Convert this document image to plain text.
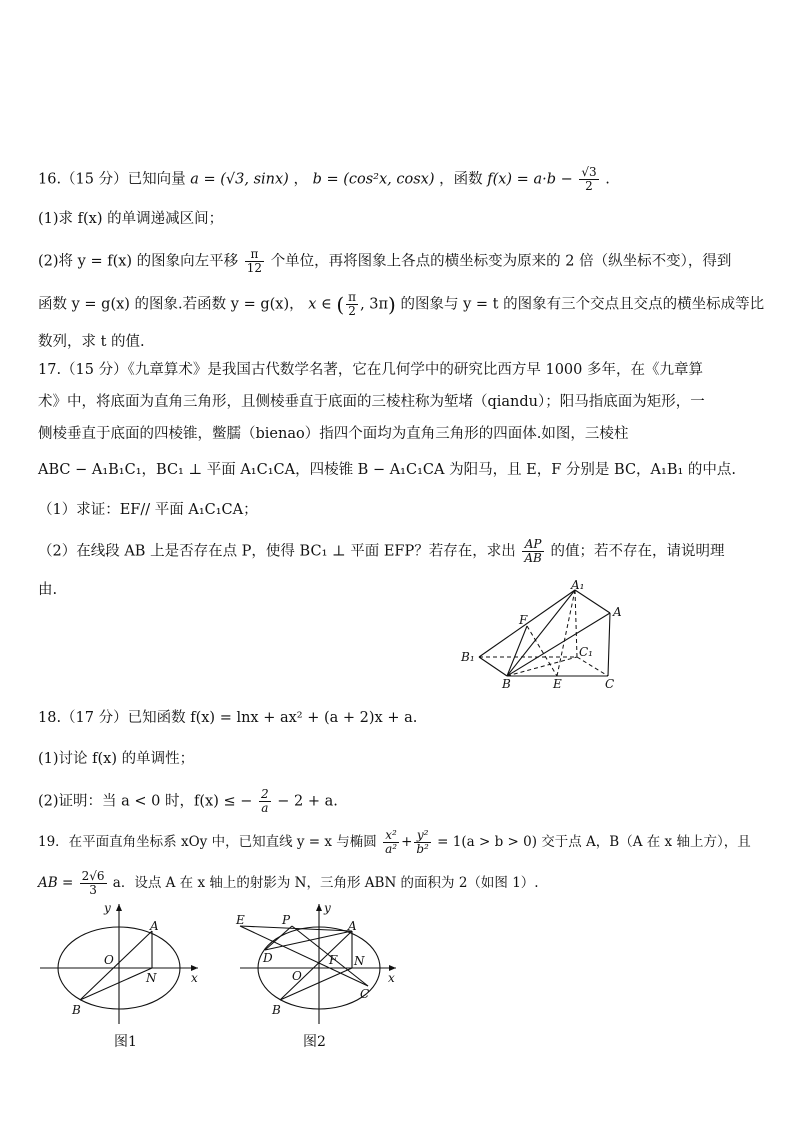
16.（15 分）已知向量 a = (√3, sinx) ， b = (cos²x, cosx) ，函数 $f(x) = a\cdot b - \frac{√3}{2}$ .
(1)求 f(x) 的单调递减区间；
(2)将 y = f(x) 的图象向左平移 $\frac{\pi}{12}$ 个单位，再将图象上各点的横坐标变为原来的 2 倍（纵坐标不变），得到
函数 y = g(x) 的图象.若函数 y = g(x)， x ∈ ( $\frac{\pi}{2}$ , 3π) 的图象与 y = t 的图象有三个交点且交点的横坐标成等比
数列，求 t 的值.
17.（15 分）《九章算术》是我国古代数学名著，它在几何学中的研究比西方早 1000 多年，在《九章算
术》中，将底面为直角三角形，且侧棱垂直于底面的三棱柱称为堑堵（qiandu）；阳马指底面为矩形，一
侧棱垂直于底面的四棱锥，鳖臑（bienao）指四个面均为直角三角形的四面体.如图，三棱柱
ABC − A₁B₁C₁，BC₁ ⊥ 平面 A₁C₁CA，四棱锥 B − A₁C₁CA 为阳马，且 E，F 分别是 BC，A₁B₁ 的中点.
（1）求证：EF// 平面 A₁C₁CA；
（2）在线段 AB 上是否存在点 P，使得 BC₁ ⊥ 平面 EFP？若存在，求出 $\frac{AP}{AB}$ 的值；若不存在，请说明理
由.	A₁
A
F
C₁
B₁
B	E	C
18.（17 分）已知函数 f(x) = lnx + ax² + (a + 2)x + a.
(1)讨论 f(x) 的单调性；
(2)证明：当 a < 0 时，f(x) ≤ − $\frac{2}{a} - 2 + a$.
19．在平面直角坐标系 xOy 中，已知直线 y = x 与椭圆 $\frac{\text{x²}}{\text{a²}} + \frac{\text{y²}}{\text{b²}} = 1(a > b > 0)$ 交于点 A，B（A 在 x 轴上方），且
AB = $\frac{2√6}{3}$ a．设点 A 在 x 轴上的射影为 N，三角形 ABN 的面积为 2（如图 1）.
y
A
O
N	x
B
图1
E	P
y
A
D	F N
O	x
C
B
图2
